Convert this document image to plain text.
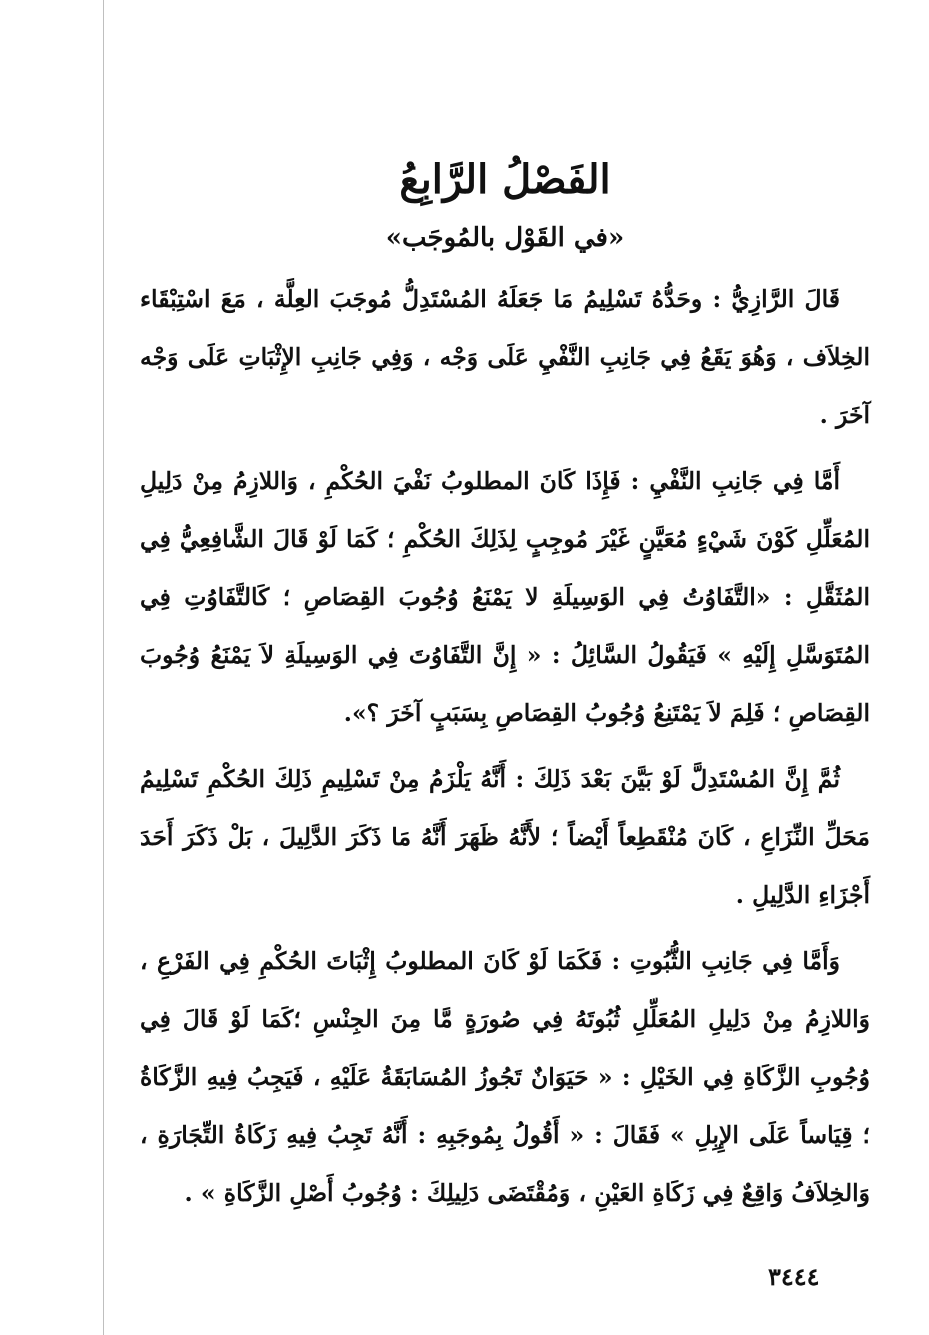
الفَصْلُ الرَّابِعُ
«في القَوْل بالمُوجَب»

قَالَ الرَّازِيُّ : وحَدُّهُ تَسْلِيمُ مَا جَعَلَهُ المُسْتَدِلُّ مُوجَبَ العِلَّة ، مَعَ اسْتِبْقَاء الخِلاَف ، وَهُوَ يَقَعُ فِي جَانِبِ النَّفْيِ عَلَى وَجْه ، وَفِي جَانِبِ الإِثْبَاتِ عَلَى وَجْه آخَرَ .

أَمَّا فِي جَانِبِ النَّفْيِ : فَإِذَا كَانَ المطلوبُ نَفْيَ الحُكْمِ ، وَاللازِمُ مِنْ دَلِيلِ المُعَلِّلِ كَوْنَ شَيْءٍ مُعَيَّنٍ غَيْرَ مُوجِبٍ لِذَلِكَ الحُكْمِ ؛ كَمَا لَوْ قَالَ الشَّافِعِيُّ فِي المُثَقَّلِ : «التَّفَاوُتُ فِي الوَسِيلَةِ لا يَمْنَعُ وُجُوبَ القِصَاصِ ؛ كَالتَّفَاوُتِ فِي المُتَوَسَّلِ إِلَيْهِ » فَيَقُولُ السَّائِلُ : « إِنَّ التَّفَاوُتَ فِي الوَسِيلَةِ لاَ يَمْنَعُ وُجُوبَ القِصَاصِ ؛ فَلِمَ لاَ يَمْتَنِعُ وُجُوبُ القِصَاصِ بِسَبَبٍ آخَرَ ؟».

ثُمَّ إِنَّ المُسْتَدِلَّ لَوْ بَيَّنَ بَعْدَ ذَلِكَ : أَنَّهُ يَلْزَمُ مِنْ تَسْلِيمِ ذَلِكَ الحُكْمِ تَسْلِيمُ مَحَلِّ النِّزَاعِ ، كَانَ مُنْقَطِعاً أَيْضاً ؛ لأَنَّهُ ظَهَرَ أَنَّهُ مَا ذَكَرَ الدَّلِيلَ ، بَلْ ذَكَرَ أَحَدَ أَجْزَاءِ الدَّلِيلِ .

وَأَمَّا فِي جَانِبِ الثُّبُوتِ : فَكَمَا لَوْ كَانَ المطلوبُ إِثْبَاتَ الحُكْمِ فِي الفَرْعِ ، وَاللازِمُ مِنْ دَلِيلِ المُعَلِّلِ ثُبُوتَهُ فِي صُورَةٍ مَّا مِنَ الجِنْسِ ؛كَمَا لَوْ قَالَ فِي وُجُوبِ الزَّكَاةِ فِي الخَيْلِ : « حَيَوَانٌ تَجُوزُ المُسَابَقَةُ عَلَيْهِ ، فَيَجِبُ فِيهِ الزَّكَاةُ ؛ قِيَاساً عَلَى الإِبِلِ » فَقَالَ : « أَقُولُ بِمُوجَبِهِ : أَنَّهُ تَجِبُ فِيهِ زَكَاةُ التِّجَارَةِ ، وَالخِلاَفُ وَاقِعٌ فِي زَكَاةِ العَيْنِ ، وَمُقْتَضَى دَلِيلِكَ : وُجُوبُ أَصْلِ الزَّكَاةِ » .

٣٤٤٤
